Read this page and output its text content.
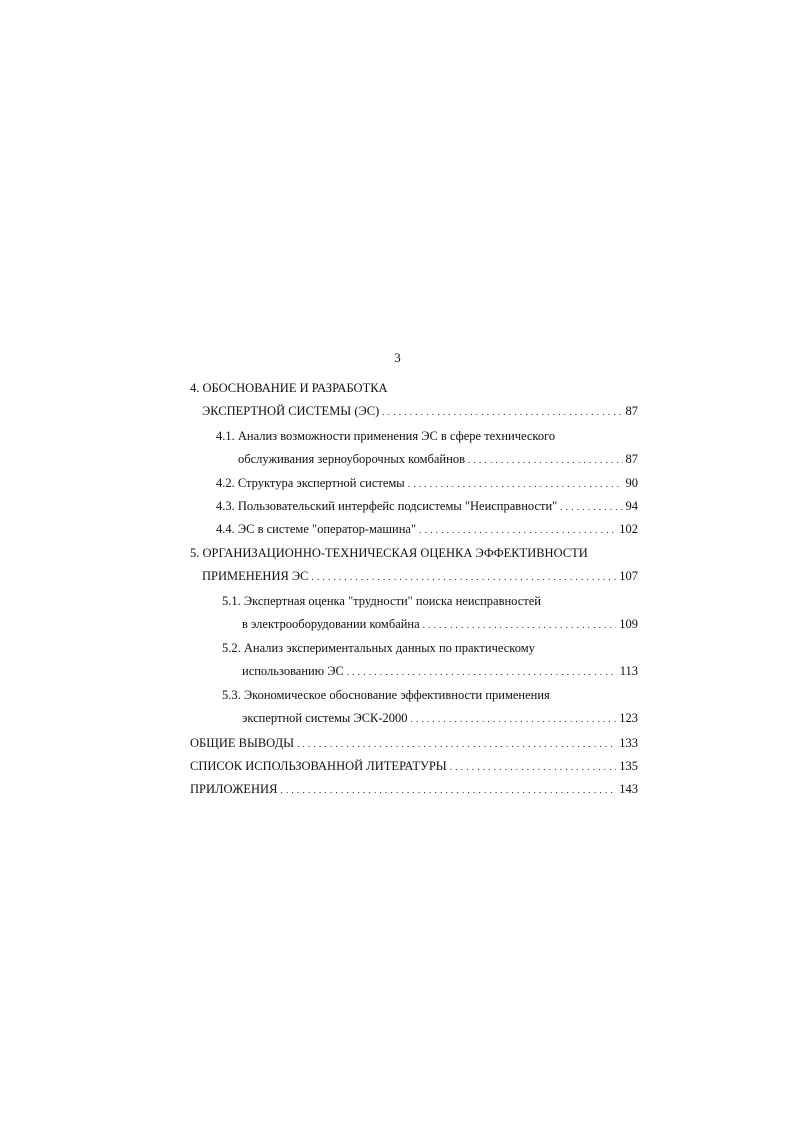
3
4. ОБОСНОВАНИЕ И РАЗРАБОТКА
ЭКСПЕРТНОЙ СИСТЕМЫ (ЭС) . . .	87
4.1. Анализ возможности применения ЭС в сфере технического
обслуживания зерноуборочных комбайнов . . .	87
4.2. Структура экспертной системы . . .	90
4.3. Пользовательский интерфейс подсистемы "Неисправности" . . .	94
4.4. ЭС в системе "оператор-машина" . . .	102
5. ОРГАНИЗАЦИОННО-ТЕХНИЧЕСКАЯ ОЦЕНКА ЭФФЕКТИВНОСТИ
ПРИМЕНЕНИЯ ЭС . . .	107
5.1. Экспертная оценка "трудности" поиска неисправностей
в электрооборудовании комбайна . . .	109
5.2. Анализ экспериментальных данных по практическому
использованию ЭС . . .	113
5.3. Экономическое обоснование эффективности применения
экспертной системы ЭСК-2000 . . .	123
ОБЩИЕ ВЫВОДЫ . . .	133
СПИСОК ИСПОЛЬЗОВАННОЙ ЛИТЕРАТУРЫ . . .	135
ПРИЛОЖЕНИЯ . . .	143
